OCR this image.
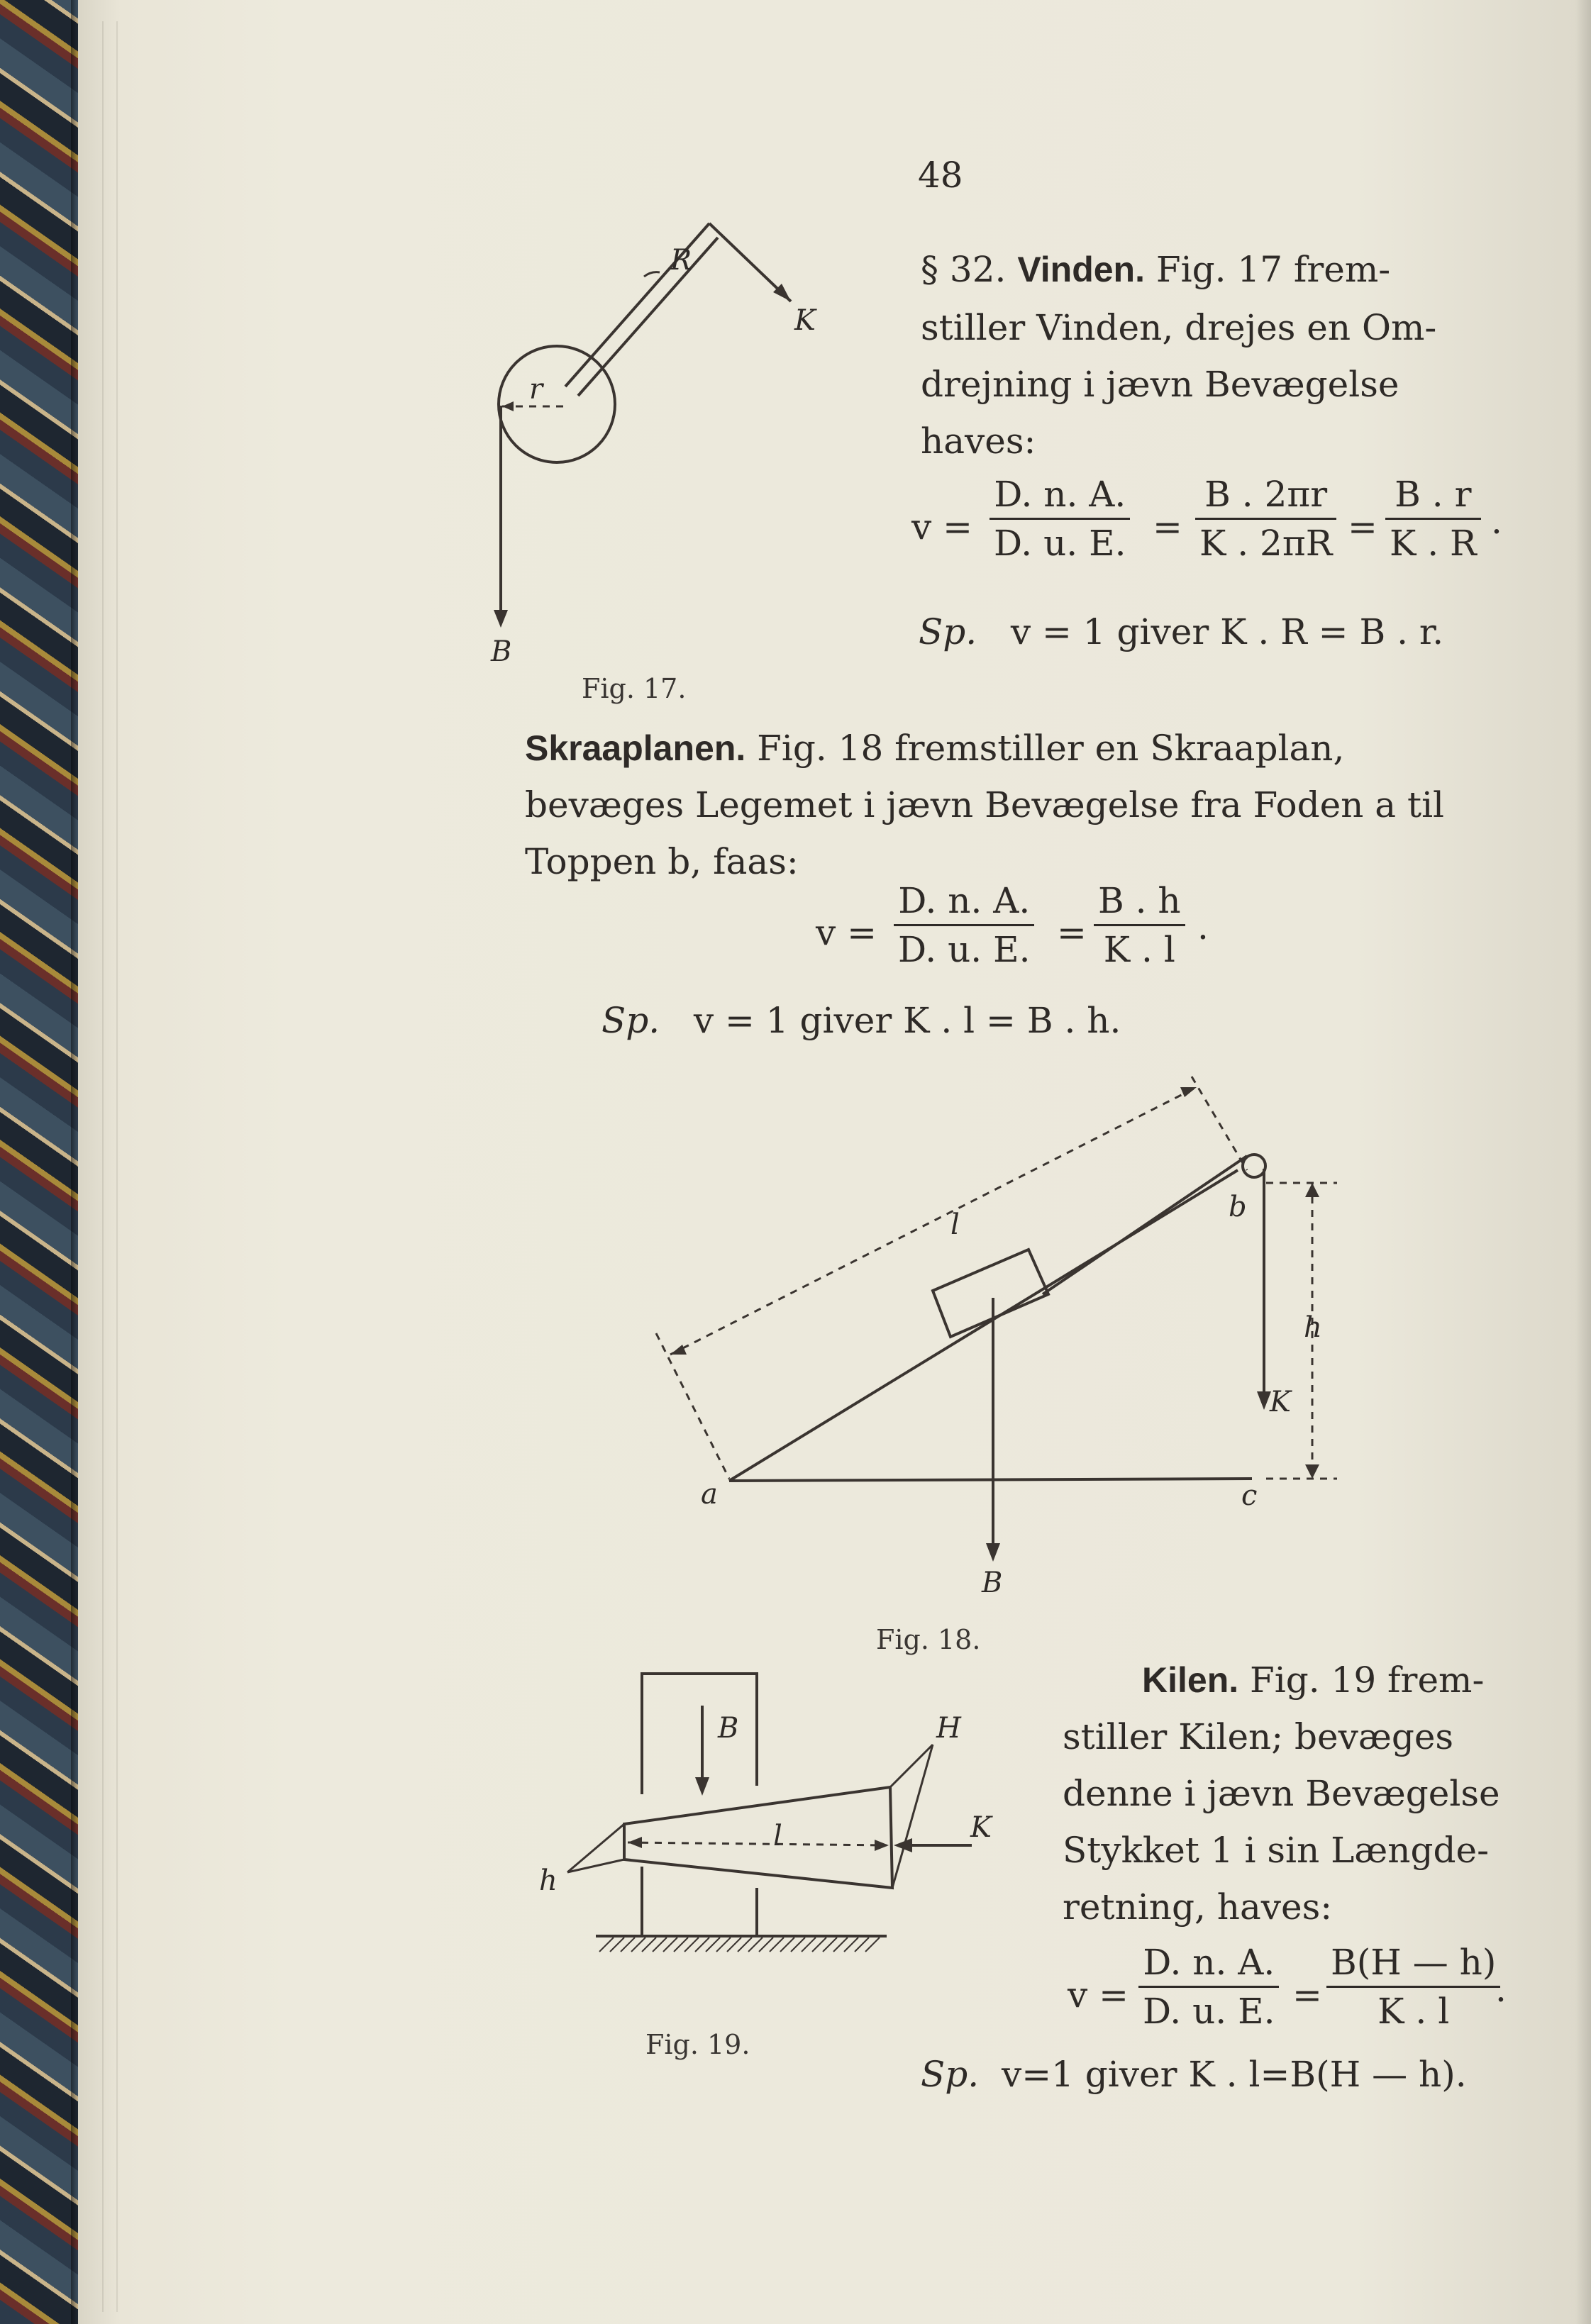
48
R
K
r
B
Fig. 17.
§ 32. Vinden. Fig. 17 frem-
stiller Vinden, drejes en Om-
drejning i jævn Bevægelse
haves:
$v = \frac{D. n. A.}{D. u. E.} = \frac{B . 2\pi r}{K . 2\pi R} = \frac{B . r}{K . R}$ .
Sp. v = 1 giver K . R = B . r.
Skraaplanen. Fig. 18 fremstiller en Skraaplan,
bevæges Legemet i jævn Bevægelse fra Foden a til
Toppen b, faas:
$v = \frac{D. n. A.}{D. u. E.} = \frac{B . h}{K . l}$ .
Sp. v = 1 giver K . l = B . h.
l
b
h
K
a	c
B
Fig. 18.
B	H
K
l
h
Fig. 19.
Kilen. Fig. 19 frem-
stiller Kilen; bevæges
denne i jævn Bevægelse
Stykket 1 i sin Længde-
retning, haves:
$v = \frac{D. n. A.}{D. u. E.} = \frac{B(H — h)}{K . l}$
.
Sp. v=1 giver K . l=B(H — h).
